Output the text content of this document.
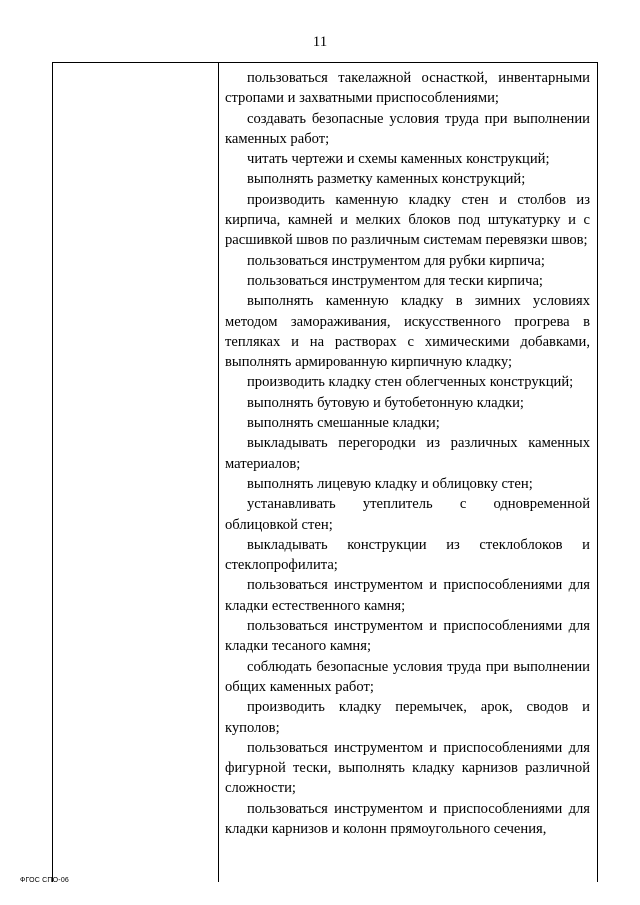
11

пользоваться такелажной оснасткой, инвентарными стропами и захватными приспособлениями;

создавать безопасные условия труда при выполнении каменных работ;

читать чертежи и схемы каменных конструкций;

выполнять разметку каменных конструкций;

производить каменную кладку стен и столбов из кирпича, камней и мелких блоков под штукатурку и с расшивкой швов по различным системам перевязки швов;

пользоваться инструментом для рубки кирпича;

пользоваться инструментом для тески кирпича;

выполнять каменную кладку в зимних условиях методом замораживания, искусственного прогрева в тепляках и на растворах с химическими добавками, выполнять армированную кирпичную кладку;

производить кладку стен облегченных конструкций;

выполнять бутовую и бутобетонную кладки;

выполнять смешанные кладки;

выкладывать перегородки из различных каменных материалов;

выполнять лицевую кладку и облицовку стен;

устанавливать утеплитель с одновременной облицовкой стен;

выкладывать конструкции из стеклоблоков и стеклопрофилита;

пользоваться инструментом и приспособлениями для кладки естественного камня;

пользоваться инструментом и приспособлениями для кладки тесаного камня;

соблюдать безопасные условия труда при выполнении общих каменных работ;

производить кладку перемычек, арок, сводов и куполов;

пользоваться инструментом и приспособлениями для фигурной тески, выполнять кладку карнизов различной сложности;

пользоваться инструментом и приспособлениями для кладки карнизов и колонн прямоугольного сечения,

ФГОС СПО-06
